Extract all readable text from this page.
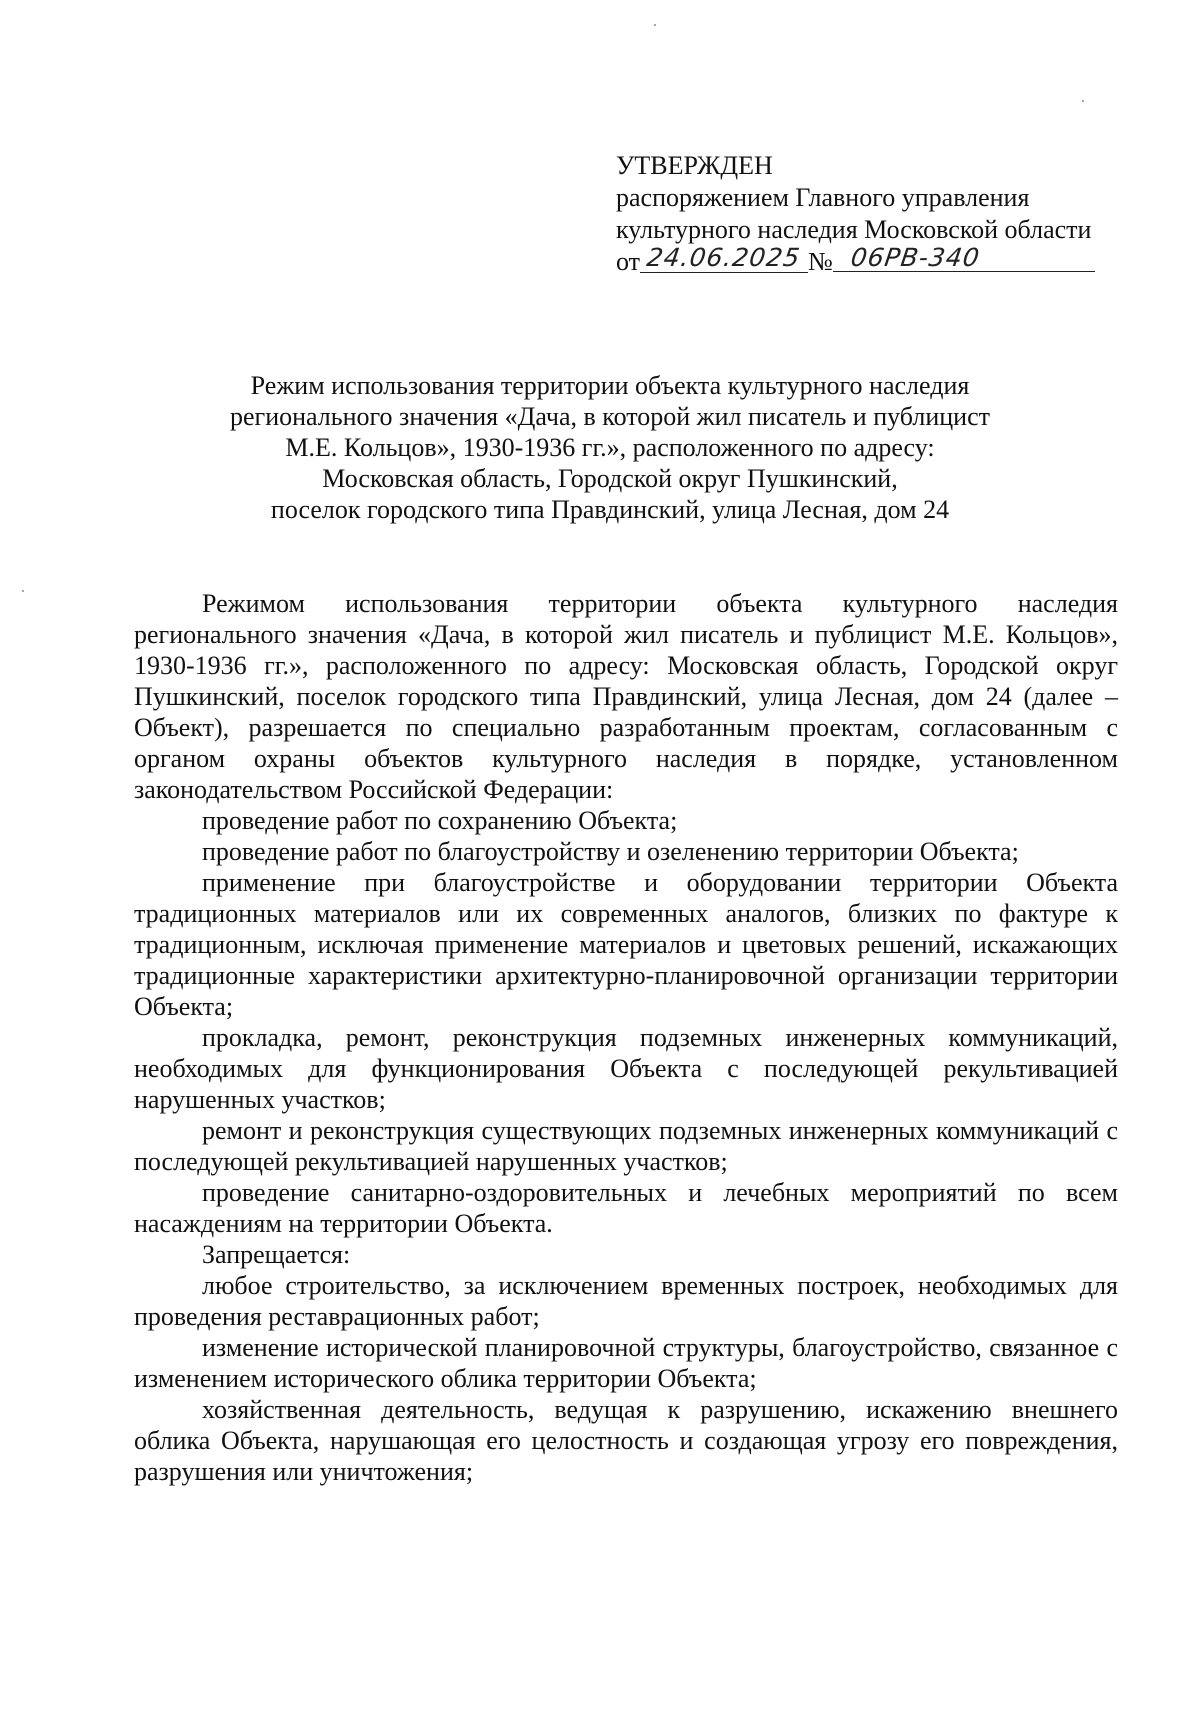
УТВЕРЖДЕН
распоряжением Главного управления
культурного наследия Московской области
от 24.06.2025 № 06РВ-340
Режим использования территории объекта культурного наследия
регионального значения «Дача, в которой жил писатель и публицист
М.Е. Кольцов», 1930-1936 гг.», расположенного по адресу:
Московская область, Городской округ Пушкинский,
поселок городского типа Правдинский, улица Лесная, дом 24

Режимом использования территории объекта культурного наследия регионального значения «Дача, в которой жил писатель и публицист М.Е. Кольцов», 1930-1936 гг.», расположенного по адресу: Московская область, Городской округ Пушкинский, поселок городского типа Правдинский, улица Лесная, дом 24 (далее – Объект), разрешается по специально разработанным проектам, согласованным с органом охраны объектов культурного наследия в порядке, установленном законодательством Российской Федерации:

проведение работ по сохранению Объекта;

проведение работ по благоустройству и озеленению территории Объекта;

применение при благоустройстве и оборудовании территории Объекта традиционных материалов или их современных аналогов, близких по фактуре к традиционным, исключая применение материалов и цветовых решений, искажающих традиционные характеристики архитектурно-планировочной организации территории Объекта;

прокладка, ремонт, реконструкция подземных инженерных коммуникаций, необходимых для функционирования Объекта с последующей рекультивацией нарушенных участков;

ремонт и реконструкция существующих подземных инженерных коммуникаций с последующей рекультивацией нарушенных участков;

проведение санитарно-оздоровительных и лечебных мероприятий по всем насаждениям на территории Объекта.

Запрещается:

любое строительство, за исключением временных построек, необходимых для проведения реставрационных работ;

изменение исторической планировочной структуры, благоустройство, связанное с изменением исторического облика территории Объекта;

хозяйственная деятельность, ведущая к разрушению, искажению внешнего облика Объекта, нарушающая его целостность и создающая угрозу его повреждения, разрушения или уничтожения;
